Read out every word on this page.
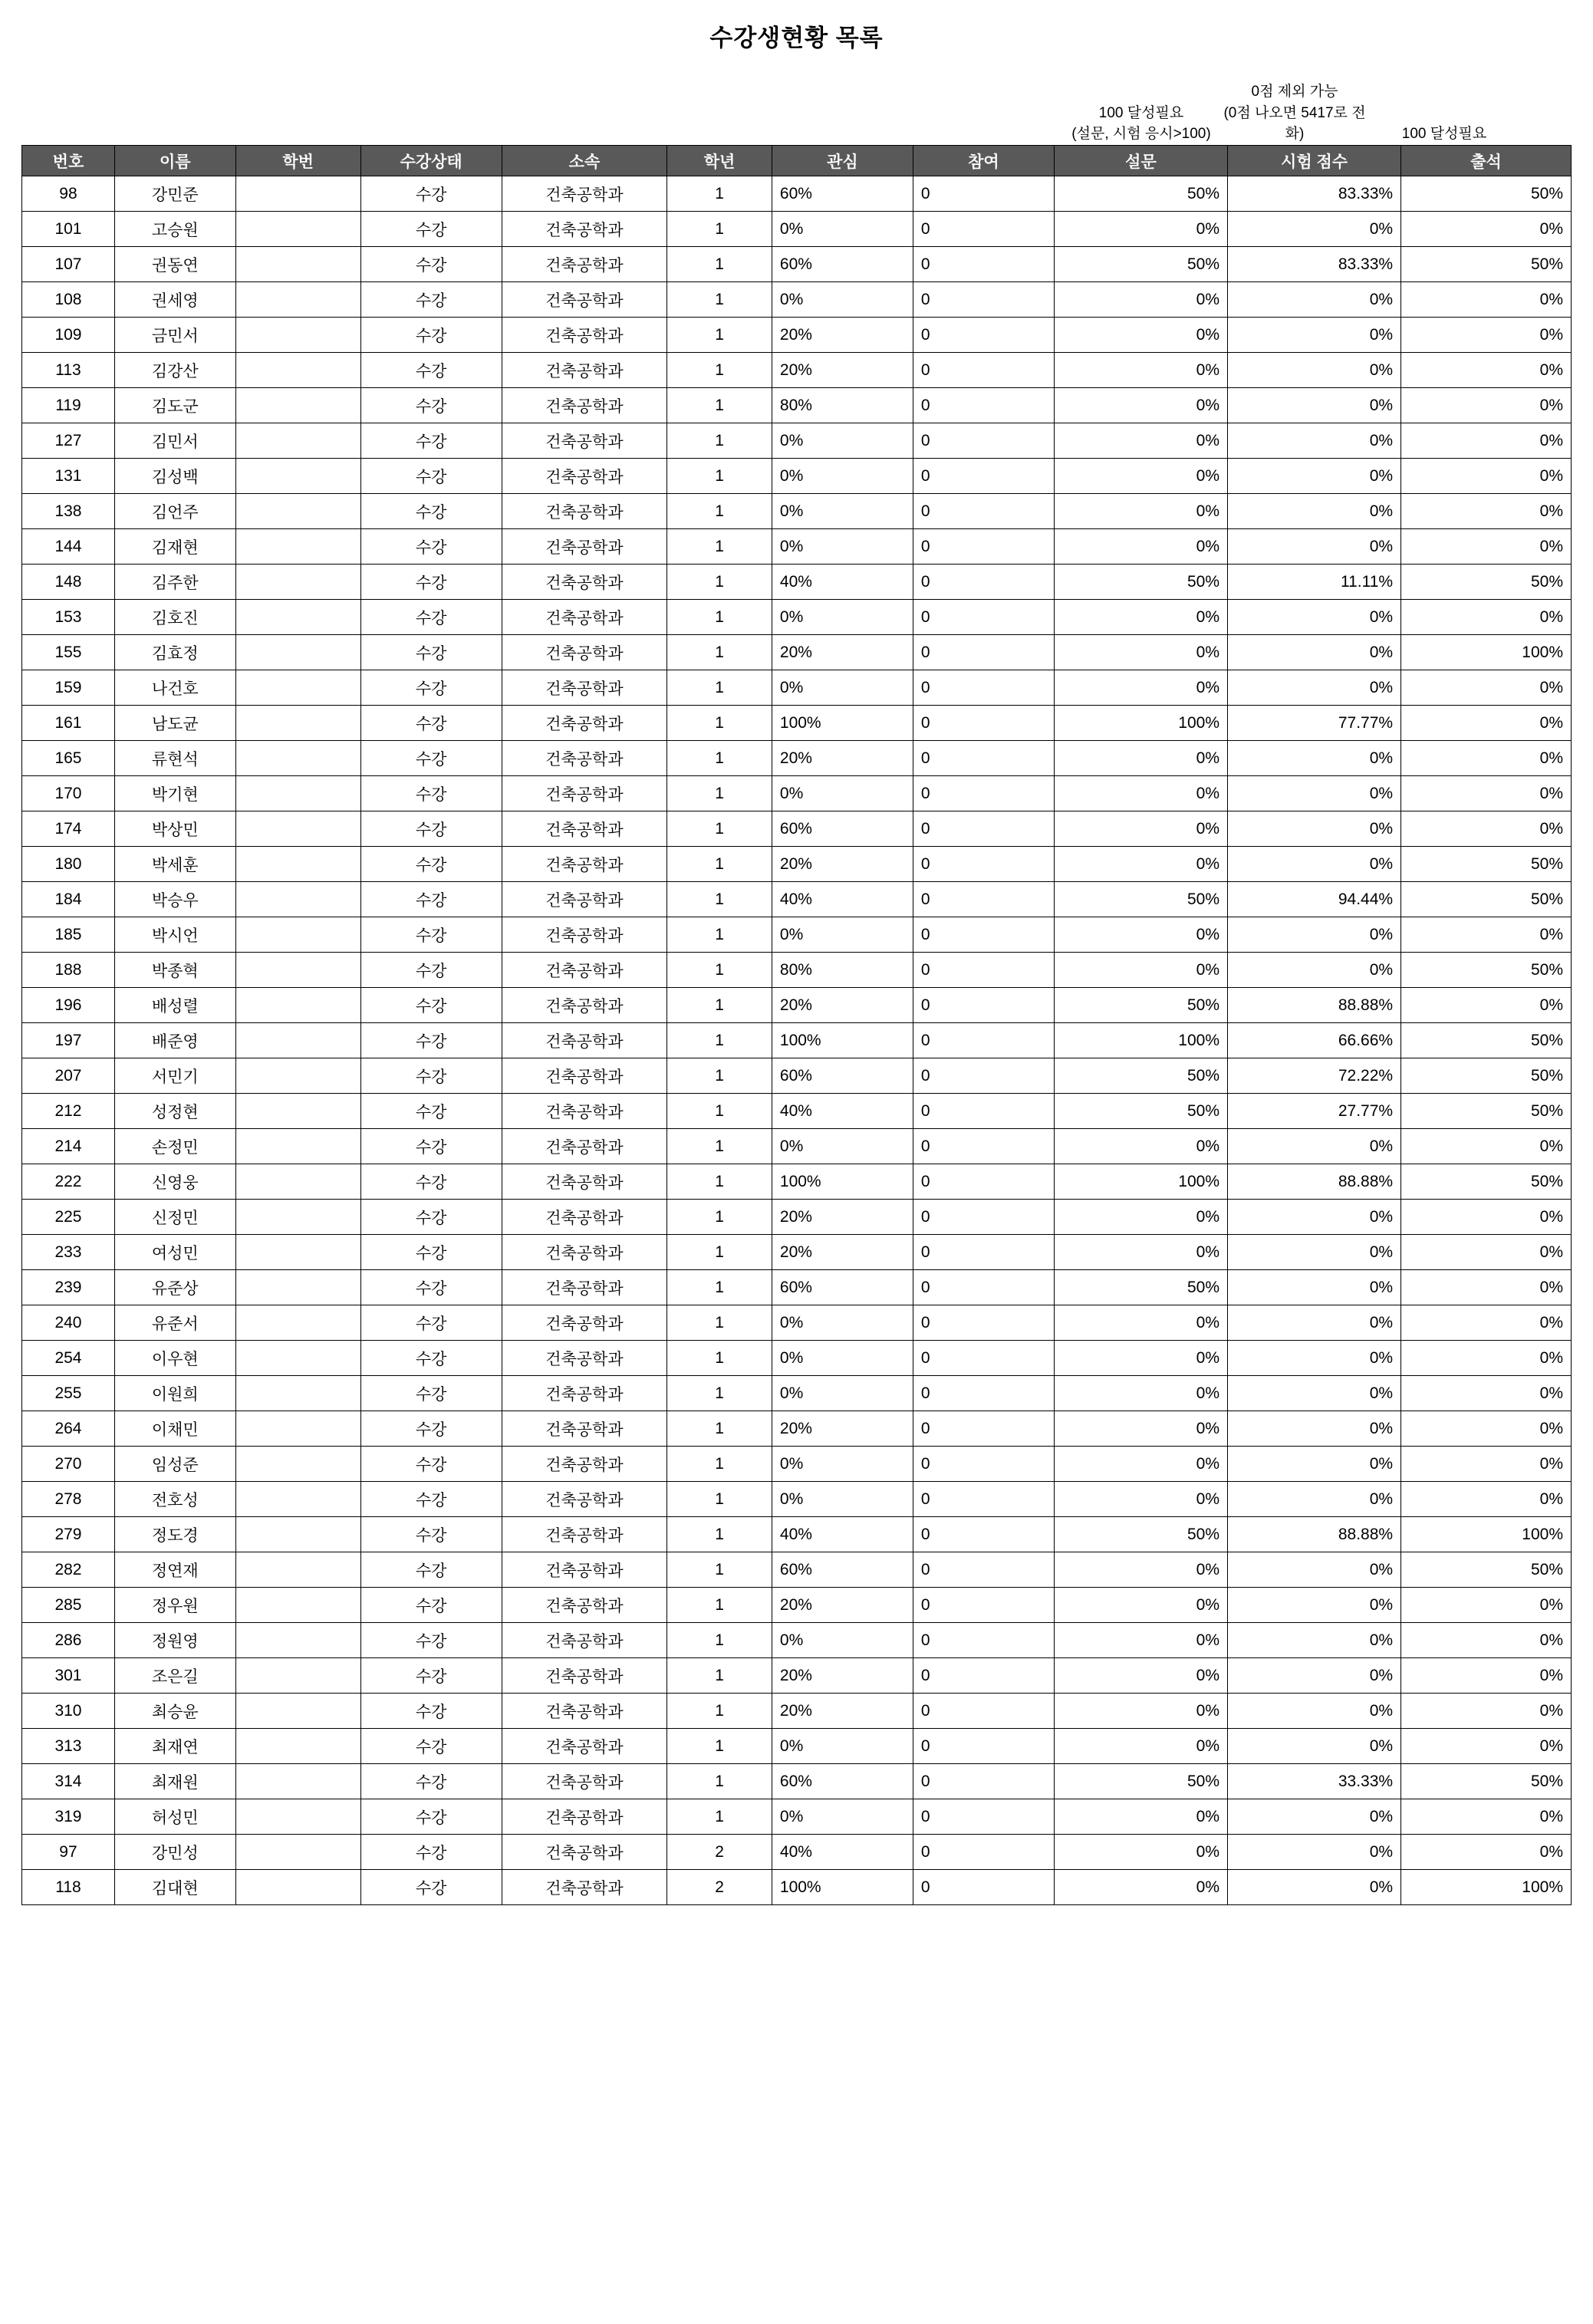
수강생현황 목록
100 달성필요
(설문, 시험 응시>100)
0점 제외 가능
(0점 나오면 5417로 전화)	100 달성필요
번호	이름	학번	수강상태	소속	학년	관심	참여	설문	시험 점수	출석
98	강민준		수강	건축공학과	1	60%	0	50%	83.33%	50%
101	고승원		수강	건축공학과	1	0%	0	0%	0%	0%
107	권동연		수강	건축공학과	1	60%	0	50%	83.33%	50%
108	권세영		수강	건축공학과	1	0%	0	0%	0%	0%
109	금민서		수강	건축공학과	1	20%	0	0%	0%	0%
113	김강산		수강	건축공학과	1	20%	0	0%	0%	0%
119	김도군		수강	건축공학과	1	80%	0	0%	0%	0%
127	김민서		수강	건축공학과	1	0%	0	0%	0%	0%
131	김성백		수강	건축공학과	1	0%	0	0%	0%	0%
138	김언주		수강	건축공학과	1	0%	0	0%	0%	0%
144	김재현		수강	건축공학과	1	0%	0	0%	0%	0%
148	김주한		수강	건축공학과	1	40%	0	50%	11.11%	50%
153	김호진		수강	건축공학과	1	0%	0	0%	0%	0%
155	김효정		수강	건축공학과	1	20%	0	0%	0%	100%
159	나건호		수강	건축공학과	1	0%	0	0%	0%	0%
161	남도균		수강	건축공학과	1	100%	0	100%	77.77%	0%
165	류현석		수강	건축공학과	1	20%	0	0%	0%	0%
170	박기현		수강	건축공학과	1	0%	0	0%	0%	0%
174	박상민		수강	건축공학과	1	60%	0	0%	0%	0%
180	박세훈		수강	건축공학과	1	20%	0	0%	0%	50%
184	박승우		수강	건축공학과	1	40%	0	50%	94.44%	50%
185	박시언		수강	건축공학과	1	0%	0	0%	0%	0%
188	박종혁		수강	건축공학과	1	80%	0	0%	0%	50%
196	배성렬		수강	건축공학과	1	20%	0	50%	88.88%	0%
197	배준영		수강	건축공학과	1	100%	0	100%	66.66%	50%
207	서민기		수강	건축공학과	1	60%	0	50%	72.22%	50%
212	성정현		수강	건축공학과	1	40%	0	50%	27.77%	50%
214	손정민		수강	건축공학과	1	0%	0	0%	0%	0%
222	신영웅		수강	건축공학과	1	100%	0	100%	88.88%	50%
225	신정민		수강	건축공학과	1	20%	0	0%	0%	0%
233	여성민		수강	건축공학과	1	20%	0	0%	0%	0%
239	유준상		수강	건축공학과	1	60%	0	50%	0%	0%
240	유준서		수강	건축공학과	1	0%	0	0%	0%	0%
254	이우현		수강	건축공학과	1	0%	0	0%	0%	0%
255	이원희		수강	건축공학과	1	0%	0	0%	0%	0%
264	이채민		수강	건축공학과	1	20%	0	0%	0%	0%
270	임성준		수강	건축공학과	1	0%	0	0%	0%	0%
278	전호성		수강	건축공학과	1	0%	0	0%	0%	0%
279	정도경		수강	건축공학과	1	40%	0	50%	88.88%	100%
282	정연재		수강	건축공학과	1	60%	0	0%	0%	50%
285	정우원		수강	건축공학과	1	20%	0	0%	0%	0%
286	정원영		수강	건축공학과	1	0%	0	0%	0%	0%
301	조은길		수강	건축공학과	1	20%	0	0%	0%	0%
310	최승윤		수강	건축공학과	1	20%	0	0%	0%	0%
313	최재연		수강	건축공학과	1	0%	0	0%	0%	0%
314	최재원		수강	건축공학과	1	60%	0	50%	33.33%	50%
319	허성민		수강	건축공학과	1	0%	0	0%	0%	0%
97	강민성		수강	건축공학과	2	40%	0	0%	0%	0%
118	김대현		수강	건축공학과	2	100%	0	0%	0%	100%
